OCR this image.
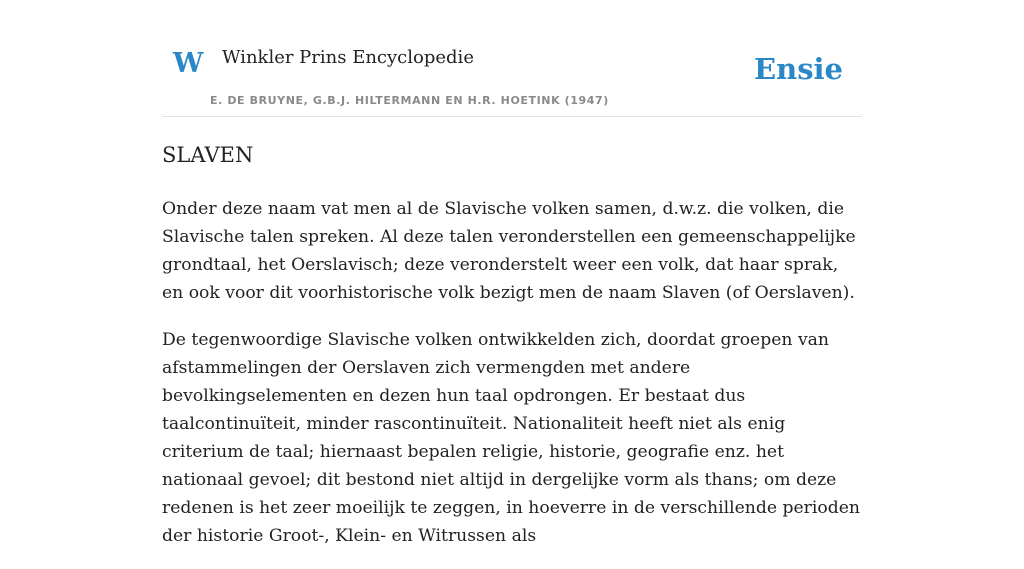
W Winkler Prins Encyclopedie
E. DE BRUYNE, G.B.J. HILTERMANN EN H.R. HOETINK (1947)
Ensie
SLAVEN

Onder deze naam vat men al de Slavische volken samen, d.w.z. die volken, die Slavische talen spreken. Al deze talen veronderstellen een gemeenschappelijke grondtaal, het Oerslavisch; deze veronderstelt weer een volk, dat haar sprak, en ook voor dit voorhistorische volk bezigt men de naam Slaven (of Oerslaven).

De tegenwoordige Slavische volken ontwikkelden zich, doordat groepen van afstammelingen der Oerslaven zich vermengden met andere bevolkingselementen en dezen hun taal opdrongen. Er bestaat dus taalcontinuïteit, minder rascontinuïteit. Nationaliteit heeft niet als enig criterium de taal; hiernaast bepalen religie, historie, geografie enz. het nationaal gevoel; dit bestond niet altijd in dergelijke vorm als thans; om deze redenen is het zeer moeilijk te zeggen, in hoeverre in de verschillende perioden der historie Groot-, Klein- en Witrussen als
